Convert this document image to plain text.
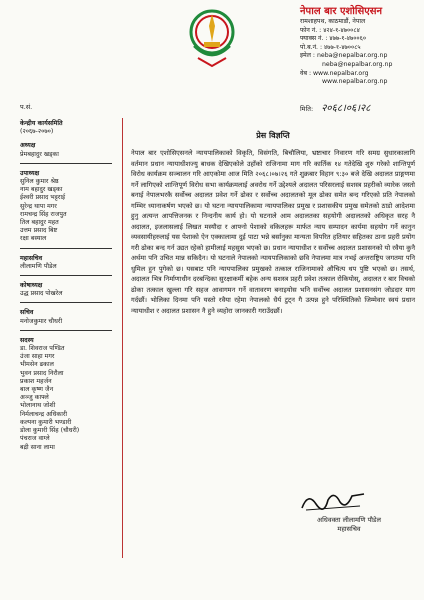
नेपाल बार एशोसिएसन
रामशाहपथ, काठमाडौं, नेपाल
फोन नं. : ४२४-१-४७००८४
फ्याक्स नं. : ४७७-१-४७००६०
पो.ब.नं. : ४७७-१-४७००८५
इमेल : neba@nepalbar.org.np
neba@nepalbar.org.np
वेब : www.nepalbar.org
www.nepalbar.org.np
प.सं.	मिति: २०६८।०६।२८
केन्द्रीय कार्यसमिति
(२०६७-२०७०)
अध्यक्ष
प्रेमबहादुर खड्का
उपाध्यक्ष
सुनिल कुमार श्रेष्ठ
नाम बहादुर खड्का
ईश्वरी प्रसाद भट्टराई
सुरेन्द्र थापा मगर
रामचन्द्र सिंह राजपुत
तिल बहादुर महत
उत्तम प्रसाद बिष्ट
रक्षा बस्याल
महासचिव
लीलामणि पौडेल
कोषाध्यक्ष
उद्ध प्रसाद पोखरेल
सचिव
मनोजकुमार चौधरी
सदस्य
डा. शिवराज पण्डित
उंजा साहा मगर
भीमसेन ढकाल
भुवन प्रसाद निरौला
प्रकाश महर्जन
बाल कृष्ण जैन
अञ्जु काफ्ले
भोलानाथ जोशी
निर्मलाचन्द्र अधिकारी
कल्पना कुमारी भण्डारी
डोला कुमारी सिंह (चौधरी)
पंचराज वाग्ले
बद्री साना लामा
प्रेस विज्ञप्ति
नेपाल बार एशोसिएसनले न्यायपालिकाको विकृति, विसंगति, बिचौलिया, भ्रष्टाचार निवारण गरि समग्र सुधारकालागि वर्तमान प्रधान न्यायाधीशज्यु बाधक देखिएकोले उहाँको राजिनामा माग गरि कार्तिक १४ गतेदेखि शुरु गरेको शान्तिपूर्ण विरोध कार्यक्रम सञ्चालन गरि आएकोमा आज मिति २०६८।०७।२६ गते शुक्रबार विहान ९:३० बजे देखि अदालत प्राङ्गणमा गर्ने लागिएको शान्तिपूर्ण विरोध सभा कार्यक्रमलाई अवरोध गर्ने उद्देश्यले अदालत परिसरलाई सशस्त्र प्रहरीको व्यारेक जस्तो बनाई नेपालभरकै सर्वोच्च अदालत प्रवेश गर्ने ढोका र सर्वोच्च अदालतको मूल ढोका समेत बन्द गरिएको प्रति नेपालको गम्भिर ध्यानाकर्षण भएको छ। यो घटना न्यायपालिकामा न्यायपालिका प्रमुख र प्रशासकीय प्रमुख समेतको ठाडो आदेशमा हुनु अत्यन्त आपत्तिजनक र निन्दनीय कार्य हो। यो घटनाले आम अदालतका सहयोगी अदालतको अधिकृत सरह नै अदालत, इजलासलाई लिखत मस्यौदा र आफ्नो पेशाको वकिलहरू मार्फत न्याय सम्पादन कार्यमा सहयोग गर्ने कानुन व्यवसायीहरुलाई यस पेशाको ऐन एक्कालामा दुई पाटा भन्ने बर्सानुका मान्यता विपरित हतियार सहितका ठाना प्रहरी प्रयोग गरी ढोका बन्द गर्न उद्यत रहेको हामीलाई महसुस भएको छ। प्रधान न्यायाधीश र सर्वोच्च अदालत प्रशासनको यो रवैया कुनै अर्थमा पनि उचित मान्न सकिदैन। यो घटनाले नेपालको न्यायपालिकाको छवि नेपालमा मात्र नभई अन्तराष्ट्रिय जगतमा पनि धुमिल हुन पुगेको छ। यसबाट पनि न्यायपालिका प्रमुखको तत्काल राजिनामाको औचित्य थप पुष्टि भएको छ। तसर्थ, अदालत भित्र निर्माणाधीन दरबन्दिका सुरक्षाकर्मी बहेक अन्य सशस्त्र प्रहरी प्रवेश तत्काल रोकियोस्, अदालत र बार विचको ढोका तत्काल खुल्ला गरि सहज आवागमन गर्ने वातावरण बनाइयोस भनि सर्वोच्च अदालत प्रशासनसंग जोडदार माग गर्दछौं। भोलिका दिनमा पनि यस्तो रवैया रहेमा नेपालको धैर्य टुट्न गै उत्पन्न हुने परिस्थितिको जिम्मेवार स्वयं प्रधान न्यायाधीश र अदालत प्रशासन नै हुने व्यहोरा जानकारी गराउँदछौं।
अधिवक्ता लीलामणि पौडेल
महासचिव
